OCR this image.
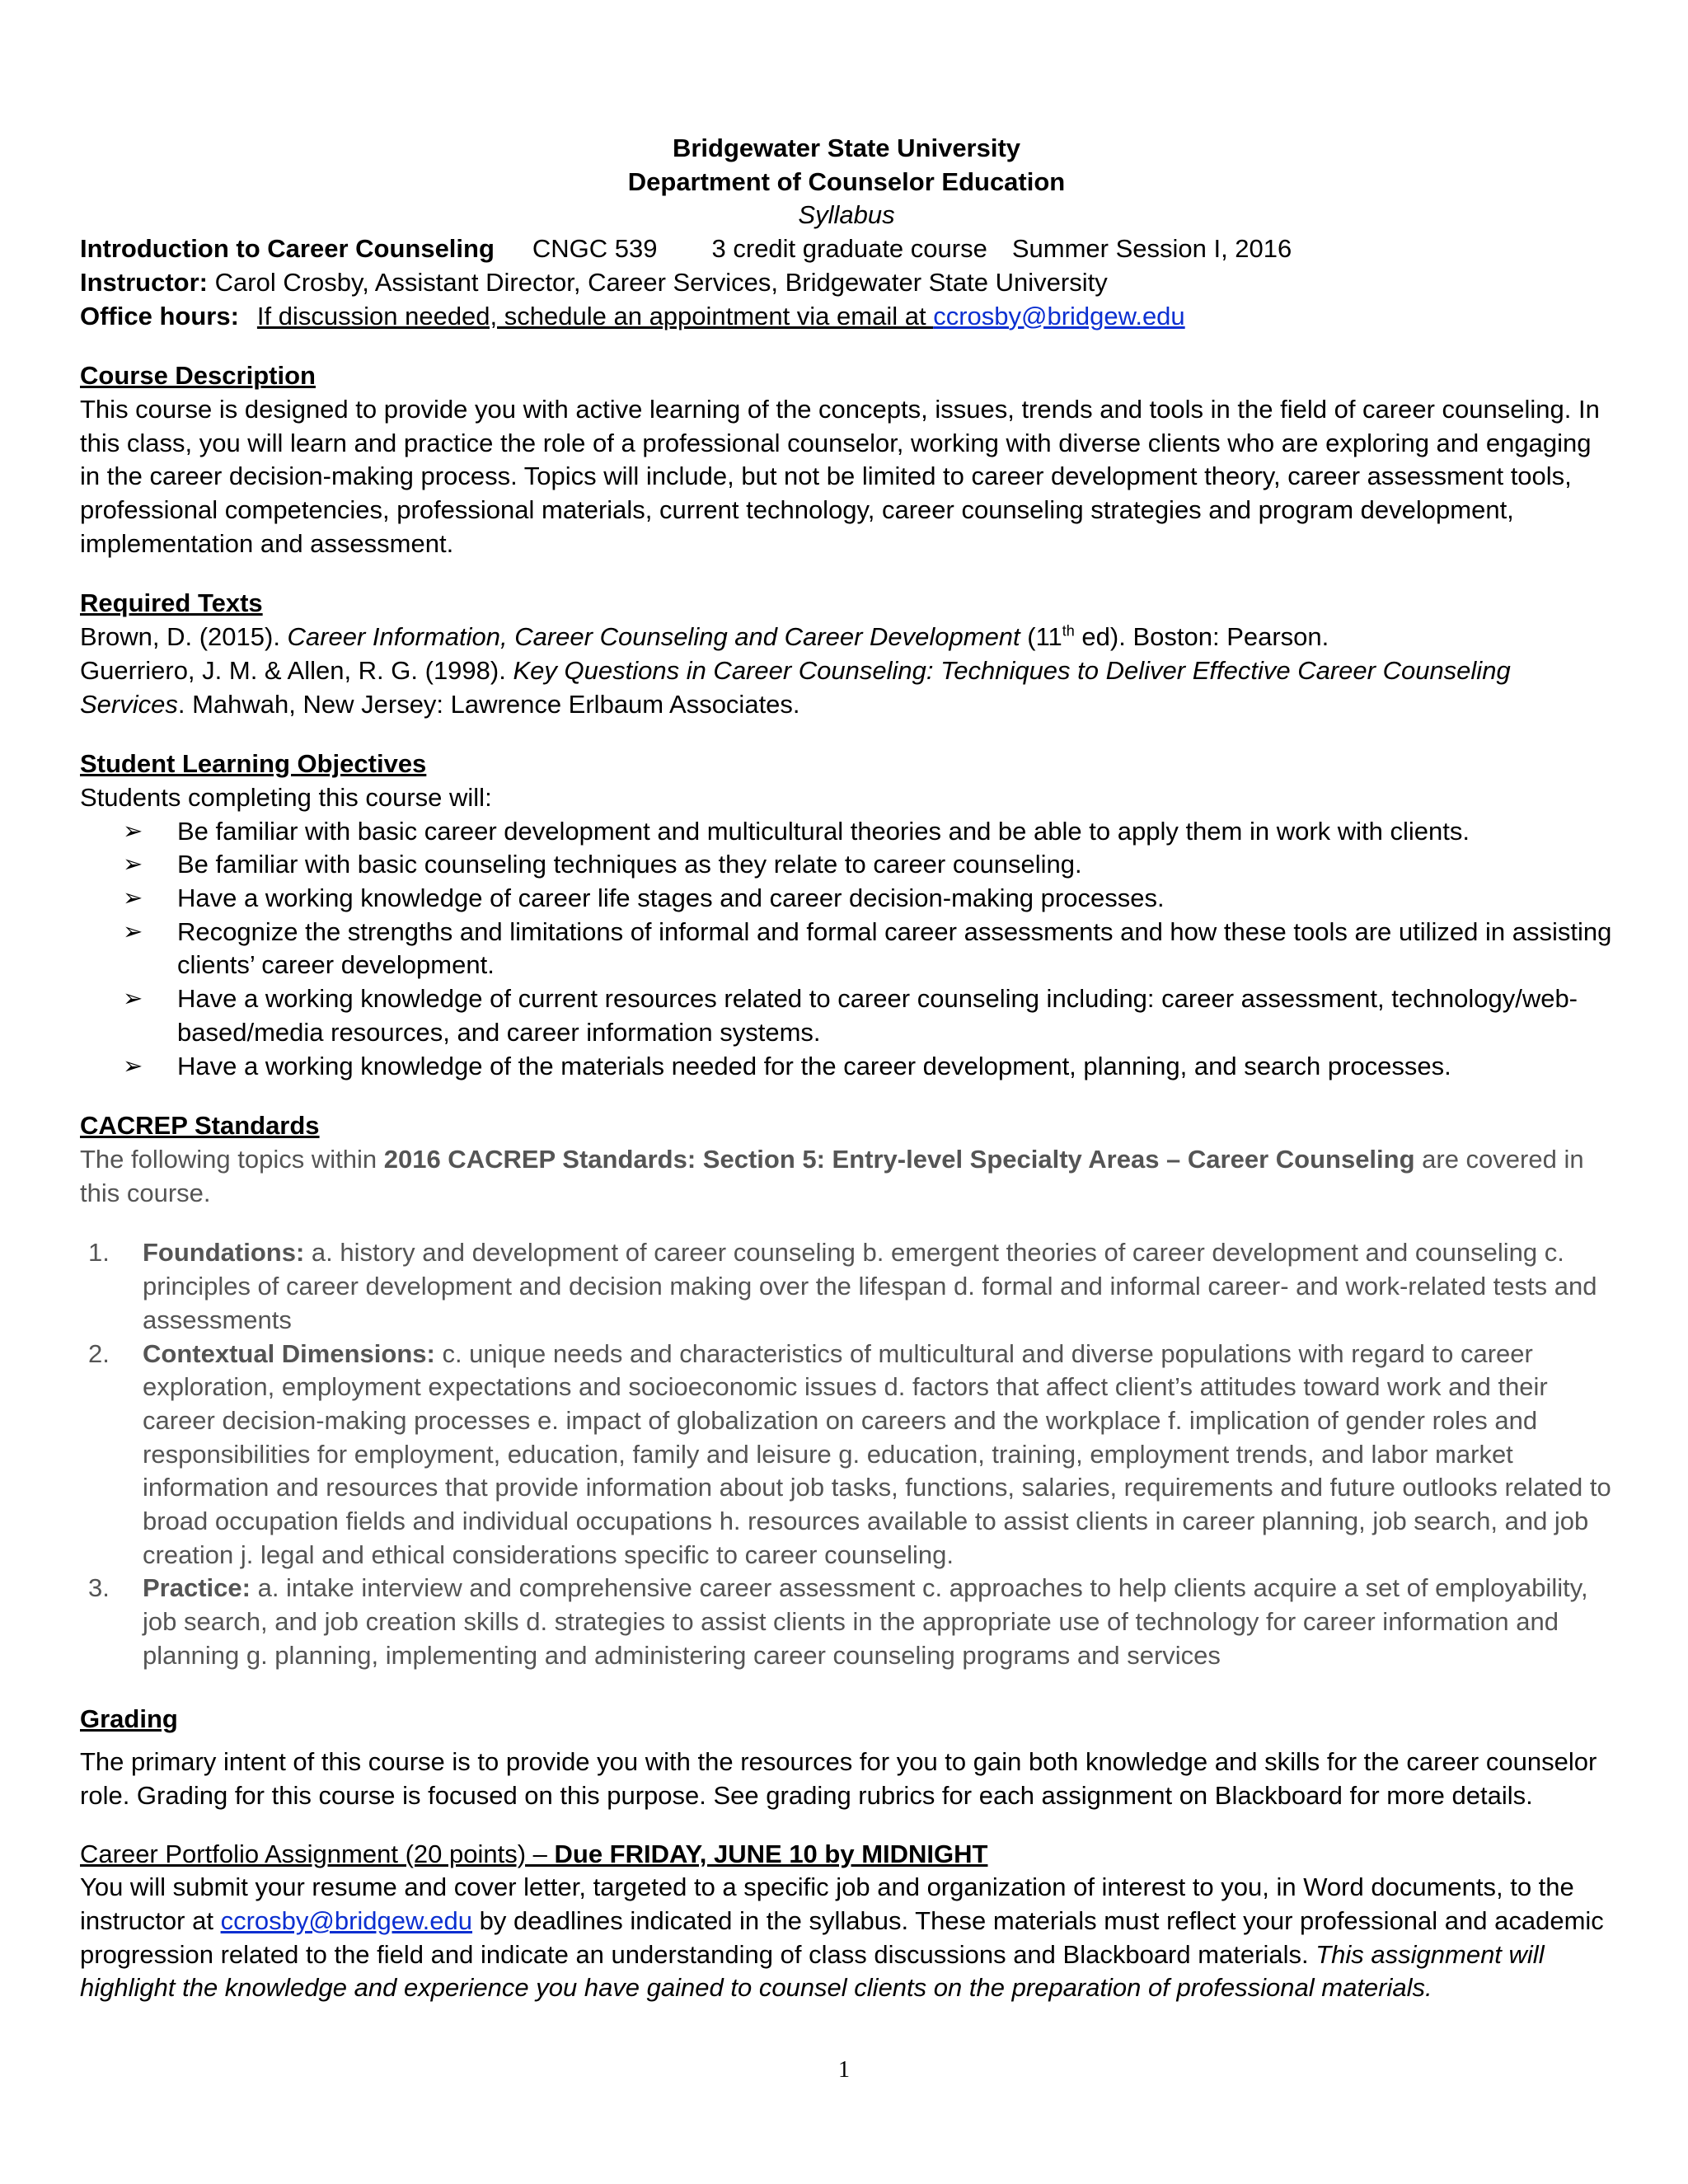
Bridgewater State University
Department of Counselor Education
Syllabus
Introduction to Career Counseling CNGC 539 3 credit graduate course Summer Session I, 2016
Instructor: Carol Crosby, Assistant Director, Career Services, Bridgewater State University
Office hours: If discussion needed, schedule an appointment via email at ccrosby@bridgew.edu
Course Description

This course is designed to provide you with active learning of the concepts, issues, trends and tools in the field of career counseling. In this class, you will learn and practice the role of a professional counselor, working with diverse clients who are exploring and engaging in the career decision-making process. Topics will include, but not be limited to career development theory, career assessment tools, professional competencies, professional materials, current technology, career counseling strategies and program development, implementation and assessment.

Required Texts

Brown, D. (2015). Career Information, Career Counseling and Career Development (11th ed). Boston: Pearson.

Guerriero, J. M. & Allen, R. G. (1998). Key Questions in Career Counseling: Techniques to Deliver Effective Career Counseling Services. Mahwah, New Jersey: Lawrence Erlbaum Associates.

Student Learning Objectives

Students completing this course will:

➢ Be familiar with basic career development and multicultural theories and be able to apply them in work with clients.
➢ Be familiar with basic counseling techniques as they relate to career counseling.
➢ Have a working knowledge of career life stages and career decision-making processes.
➢ Recognize the strengths and limitations of informal and formal career assessments and how these tools are utilized in assisting clients’ career development.
➢ Have a working knowledge of current resources related to career counseling including: career assessment, technology/web-based/media resources, and career information systems.
➢ Have a working knowledge of the materials needed for the career development, planning, and search processes.
CACREP Standards

The following topics within 2016 CACREP Standards: Section 5: Entry-level Specialty Areas – Career Counseling are covered in this course.

1. Foundations: a. history and development of career counseling b. emergent theories of career development and counseling c. principles of career development and decision making over the lifespan d. formal and informal career- and work-related tests and assessments
2. Contextual Dimensions: c. unique needs and characteristics of multicultural and diverse populations with regard to career exploration, employment expectations and socioeconomic issues d. factors that affect client’s attitudes toward work and their career decision-making processes e. impact of globalization on careers and the workplace f. implication of gender roles and responsibilities for employment, education, family and leisure g. education, training, employment trends, and labor market information and resources that provide information about job tasks, functions, salaries, requirements and future outlooks related to broad occupation fields and individual occupations h. resources available to assist clients in career planning, job search, and job creation j. legal and ethical considerations specific to career counseling.
3. Practice: a. intake interview and comprehensive career assessment c. approaches to help clients acquire a set of employability, job search, and job creation skills d. strategies to assist clients in the appropriate use of technology for career information and planning g. planning, implementing and administering career counseling programs and services
Grading

The primary intent of this course is to provide you with the resources for you to gain both knowledge and skills for the career counselor role. Grading for this course is focused on this purpose. See grading rubrics for each assignment on Blackboard for more details.

Career Portfolio Assignment (20 points) – Due FRIDAY, JUNE 10 by MIDNIGHT

You will submit your resume and cover letter, targeted to a specific job and organization of interest to you, in Word documents, to the instructor at ccrosby@bridgew.edu by deadlines indicated in the syllabus. These materials must reflect your professional and academic progression related to the field and indicate an understanding of class discussions and Blackboard materials. This assignment will highlight the knowledge and experience you have gained to counsel clients on the preparation of professional materials.

1
